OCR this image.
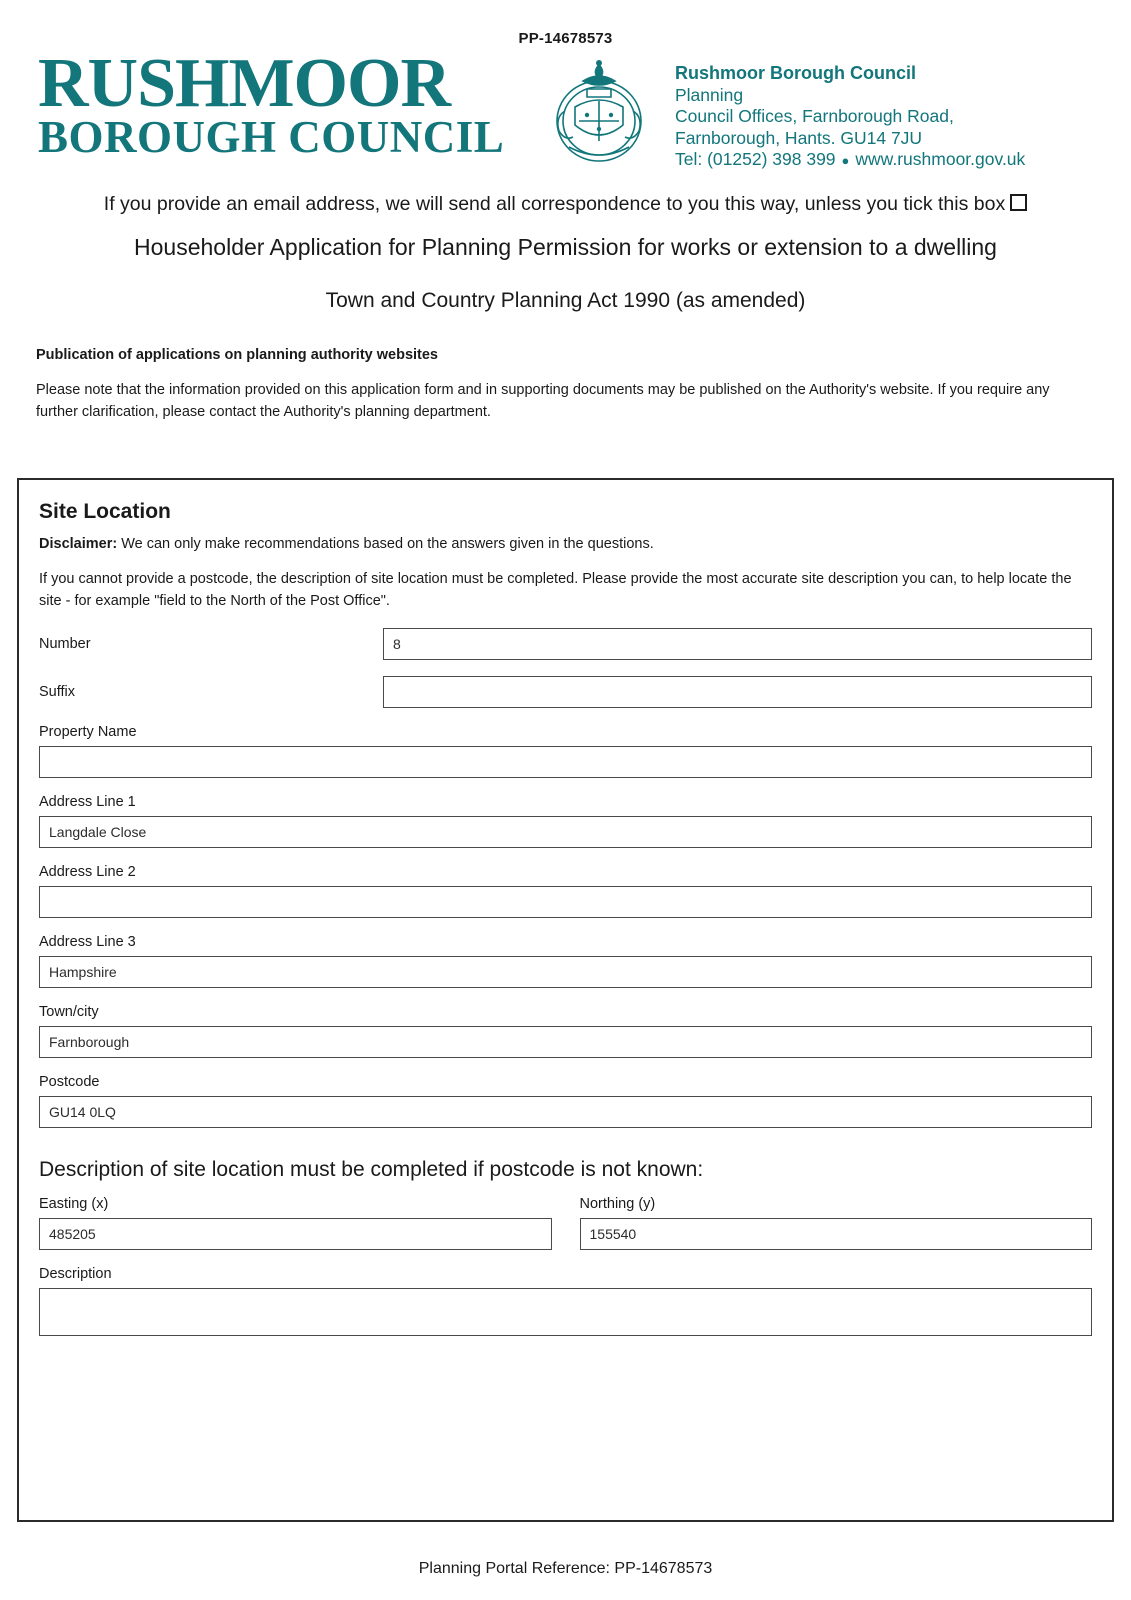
PP-14678573
RUSHMOOR
BOROUGH COUNCIL
Rushmoor Borough Council
Planning
Council Offices, Farnborough Road,
Farnborough, Hants. GU14 7JU
Tel: (01252) 398 399 ● www.rushmoor.gov.uk
If you provide an email address, we will send all correspondence to you this way, unless you tick this box
Householder Application for Planning Permission for works or extension to a dwelling
Town and Country Planning Act 1990 (as amended)
Publication of applications on planning authority websites
Please note that the information provided on this application form and in supporting documents may be published on the Authority's website. If you require any further clarification, please contact the Authority's planning department.
Site Location
Disclaimer: We can only make recommendations based on the answers given in the questions.
If you cannot provide a postcode, the description of site location must be completed. Please provide the most accurate site description you can, to help locate the site - for example "field to the North of the Post Office".
Number	8
Suffix
Property Name
Address Line 1
Langdale Close
Address Line 2
Address Line 3
Hampshire
Town/city
Farnborough
Postcode
GU14 0LQ
Description of site location must be completed if postcode is not known:
Easting (x)
485205
Northing (y)
155540
Description
Planning Portal Reference: PP-14678573
